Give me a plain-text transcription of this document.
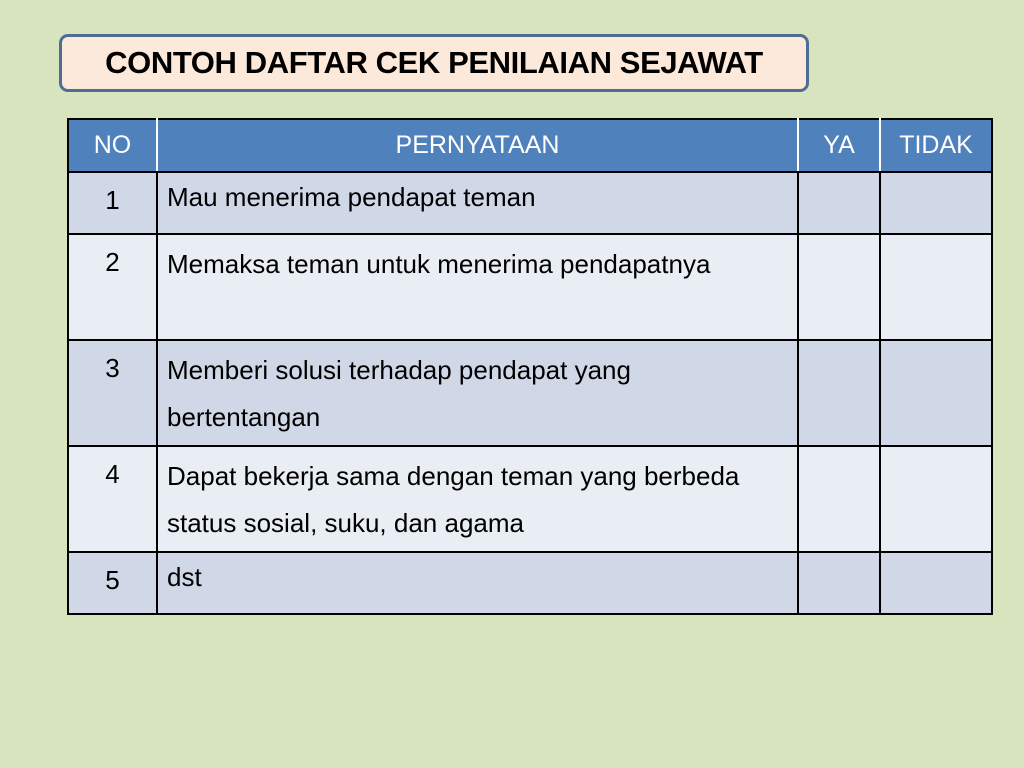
CONTOH DAFTAR CEK PENILAIAN SEJAWAT
NO	PERNYATAAN	YA	TIDAK
1	Mau menerima pendapat teman		
2	Memaksa teman untuk menerima pendapatnya		
3	Memberi solusi terhadap pendapat yang bertentangan		
4	Dapat bekerja sama dengan teman yang berbeda status sosial, suku, dan agama		
5	dst		
